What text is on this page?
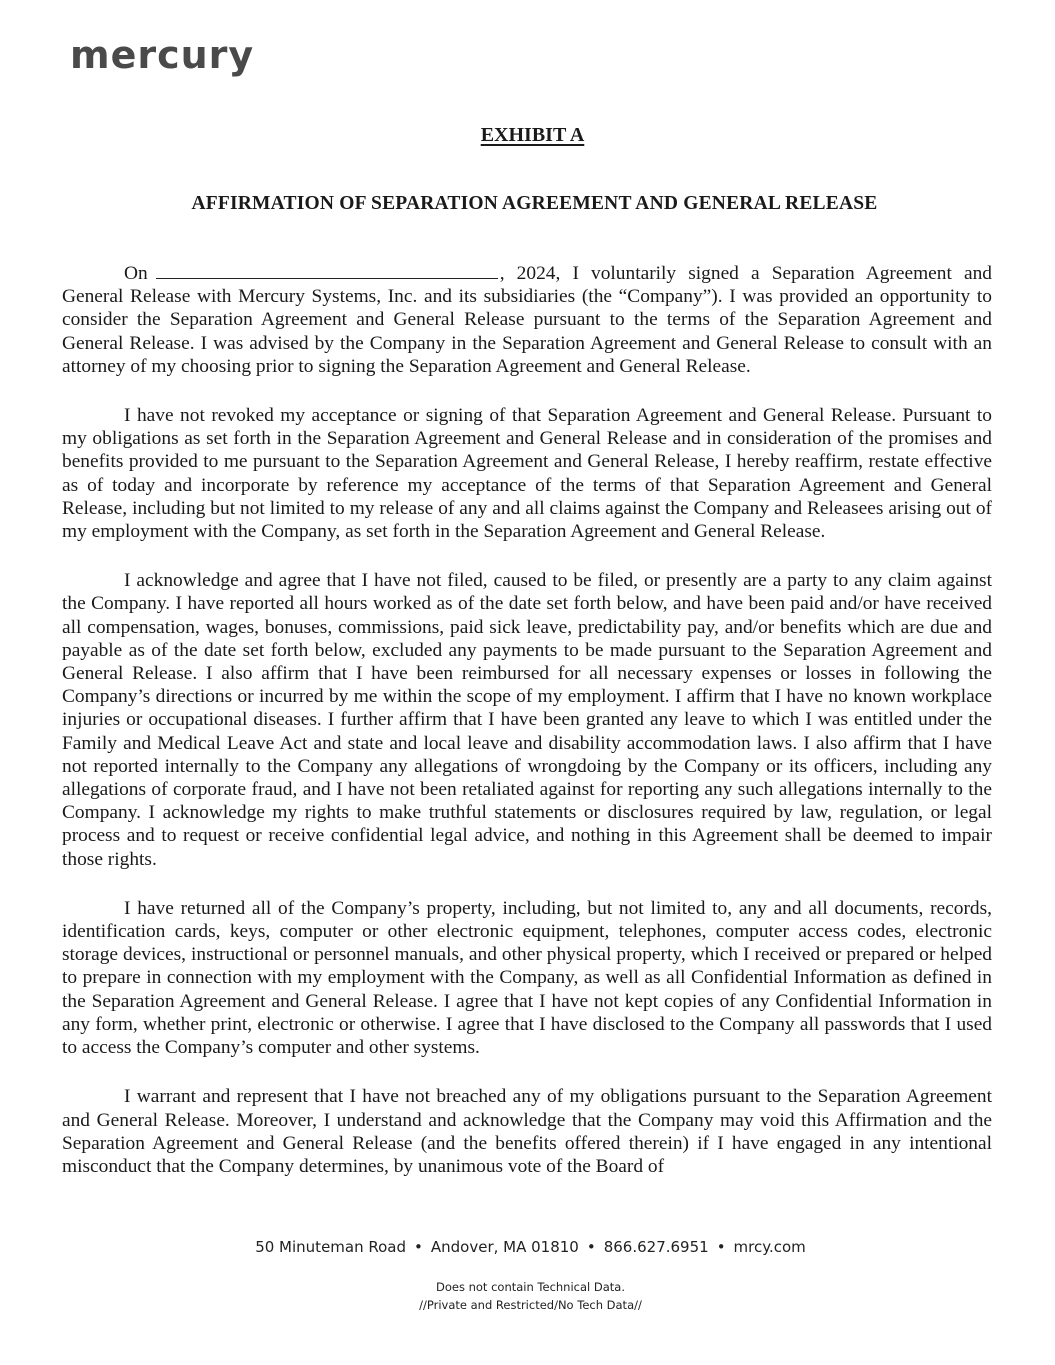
mercury
EXHIBIT A
AFFIRMATION OF SEPARATION AGREEMENT AND GENERAL RELEASE

On	, 2024, I voluntarily signed a Separation Agreement and General Release with Mercury Systems, Inc. and its subsidiaries (the “Company”). I was provided an opportunity to consider the Separation Agreement and General Release pursuant to the terms of the Separation Agreement and General Release. I was advised by the Company in the Separation Agreement and General Release to consult with an attorney of my choosing prior to signing the Separation Agreement and General Release.

I have not revoked my acceptance or signing of that Separation Agreement and General Release. Pursuant to my obligations as set forth in the Separation Agreement and General Release and in consideration of the promises and benefits provided to me pursuant to the Separation Agreement and General Release, I hereby reaffirm, restate effective as of today and incorporate by reference my acceptance of the terms of that Separation Agreement and General Release, including but not limited to my release of any and all claims against the Company and Releasees arising out of my employment with the Company, as set forth in the Separation Agreement and General Release.

I acknowledge and agree that I have not filed, caused to be filed, or presently are a party to any claim against the Company. I have reported all hours worked as of the date set forth below, and have been paid and/or have received all compensation, wages, bonuses, commissions, paid sick leave, predictability pay, and/or benefits which are due and payable as of the date set forth below, excluded any payments to be made pursuant to the Separation Agreement and General Release. I also affirm that I have been reimbursed for all necessary expenses or losses in following the Company’s directions or incurred by me within the scope of my employment. I affirm that I have no known workplace injuries or occupational diseases. I further affirm that I have been granted any leave to which I was entitled under the Family and Medical Leave Act and state and local leave and disability accommodation laws. I also affirm that I have not reported internally to the Company any allegations of wrongdoing by the Company or its officers, including any allegations of corporate fraud, and I have not been retaliated against for reporting any such allegations internally to the Company. I acknowledge my rights to make truthful statements or disclosures required by law, regulation, or legal process and to request or receive confidential legal advice, and nothing in this Agreement shall be deemed to impair those rights.

I have returned all of the Company’s property, including, but not limited to, any and all documents, records, identification cards, keys, computer or other electronic equipment, telephones, computer access codes, electronic storage devices, instructional or personnel manuals, and other physical property, which I received or prepared or helped to prepare in connection with my employment with the Company, as well as all Confidential Information as defined in the Separation Agreement and General Release. I agree that I have not kept copies of any Confidential Information in any form, whether print, electronic or otherwise. I agree that I have disclosed to the Company all passwords that I used to access the Company’s computer and other systems.

I warrant and represent that I have not breached any of my obligations pursuant to the Separation Agreement and General Release. Moreover, I understand and acknowledge that the Company may void this Affirmation and the Separation Agreement and General Release (and the benefits offered therein) if I have engaged in any intentional misconduct that the Company determines, by unanimous vote of the Board of

50 Minuteman Road • Andover, MA 01810 • 866.627.6951 • mrcy.com
Does not contain Technical Data.
//Private and Restricted/No Tech Data//
